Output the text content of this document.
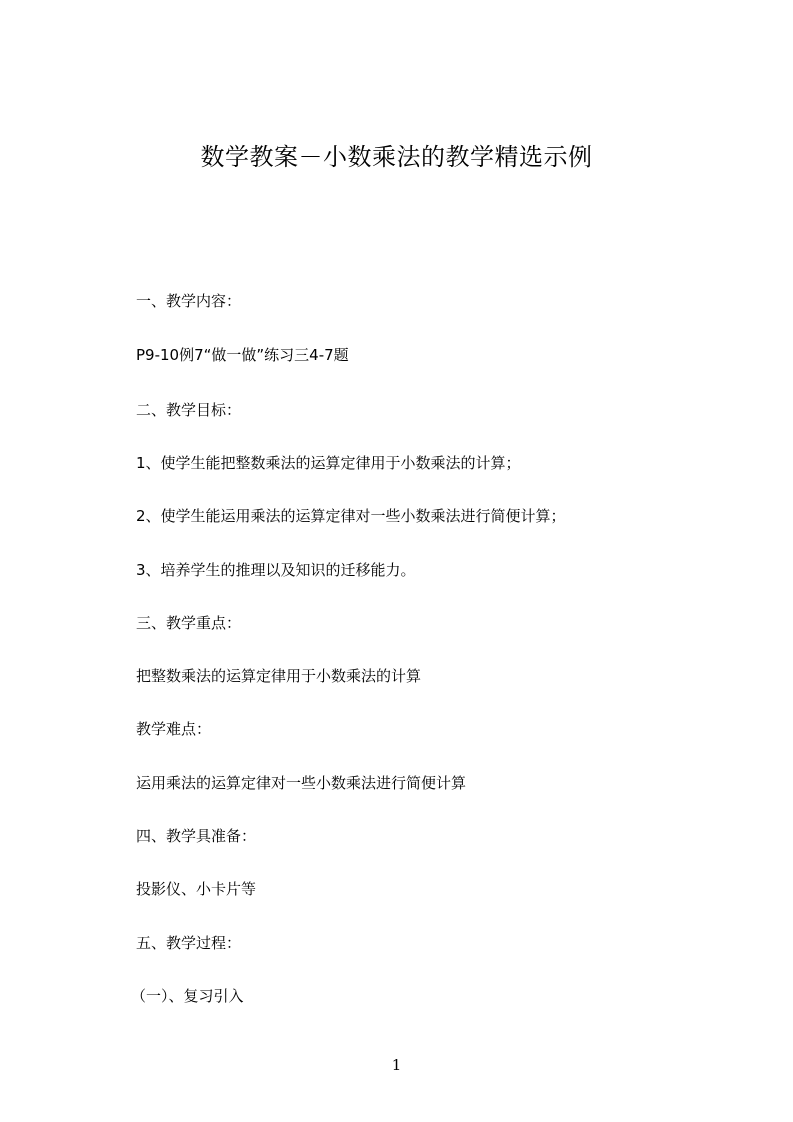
数学教案－小数乘法的教学精选示例

一、教学内容：

P9-10例7“做一做”练习三4-7题

二、教学目标：

1、使学生能把整数乘法的运算定律用于小数乘法的计算；

2、使学生能运用乘法的运算定律对一些小数乘法进行简便计算；

3、培养学生的推理以及知识的迁移能力。

三、教学重点：

把整数乘法的运算定律用于小数乘法的计算

教学难点：

运用乘法的运算定律对一些小数乘法进行简便计算

四、教学具准备：

投影仪、小卡片等

五、教学过程：

（一）、复习引入

1
